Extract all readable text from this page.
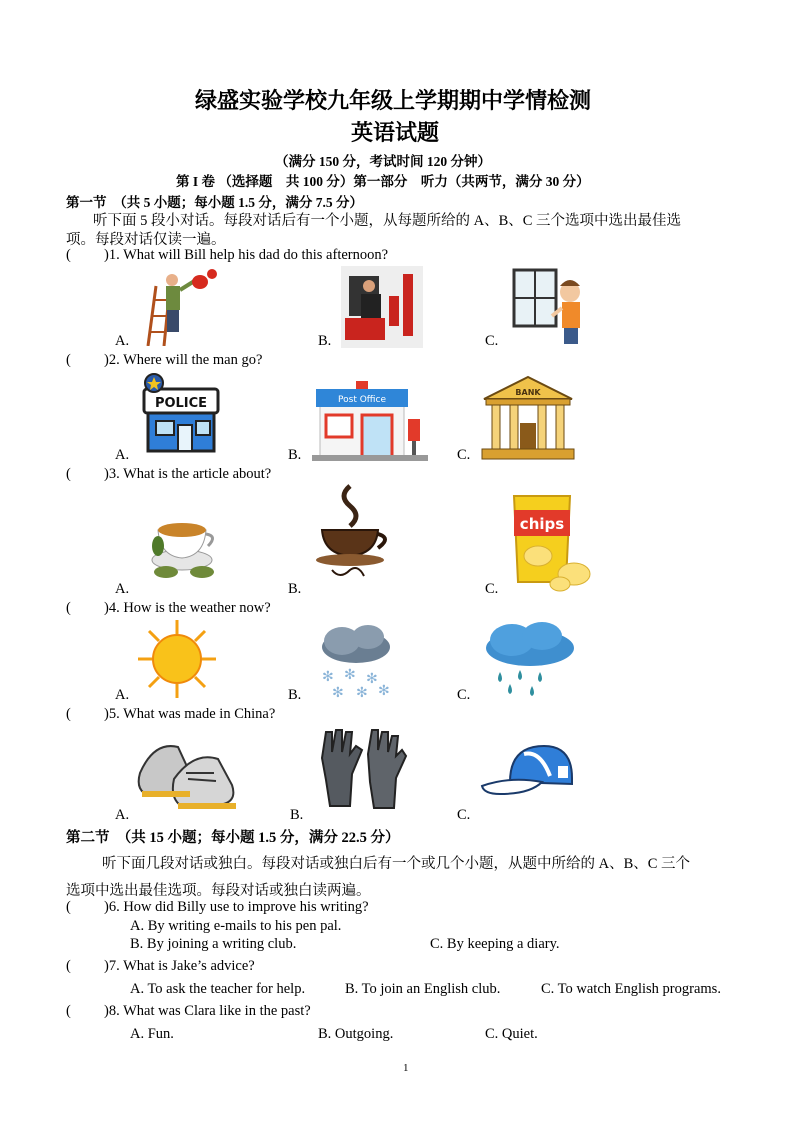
绿盛实验学校九年级上学期期中学情检测
英语试题
（满分 150 分，考试时间 120 分钟）
第 I 卷 （选择题　共 100 分）第一部分　听力（共两节，满分 30 分）
第一节　（共 5 小题；每小题 1.5 分，满分 7.5 分）
听下面 5 段小对话。每段对话后有一个小题，从每题所给的 A、B、C 三个选项中选出最佳选
项。每段对话仅读一遍。
( )1. What will Bill help his dad do this afternoon?
A.	B.	C.
( )2. Where will the man go?
A.	B.	C.
POLICE	Post Office
BANK
( )3. What is the article about?
A.	B.	C.
chips
( )4. How is the weather now?
A.	B.	C.
✻ ✻ ✻
✻ ✻ ✻
( )5. What was made in China?
A.	B.	C.
第二节　（共 15 小题；每小题 1.5 分，满分 22.5 分）
听下面几段对话或独白。每段对话或独白后有一个或几个小题，从题中所给的 A、B、C 三个
选项中选出最佳选项。每段对话或独白读两遍。
( )6. How did Billy use to improve his writing?
A. By writing e-mails to his pen pal.
B. By joining a writing club.	C. By keeping a diary.
( )7. What is Jake’s advice?
A. To ask the teacher for help.	B. To join an English club.	C. To watch English programs.
( )8. What was Clara like in the past?
A. Fun.	B. Outgoing.	C. Quiet.
1
